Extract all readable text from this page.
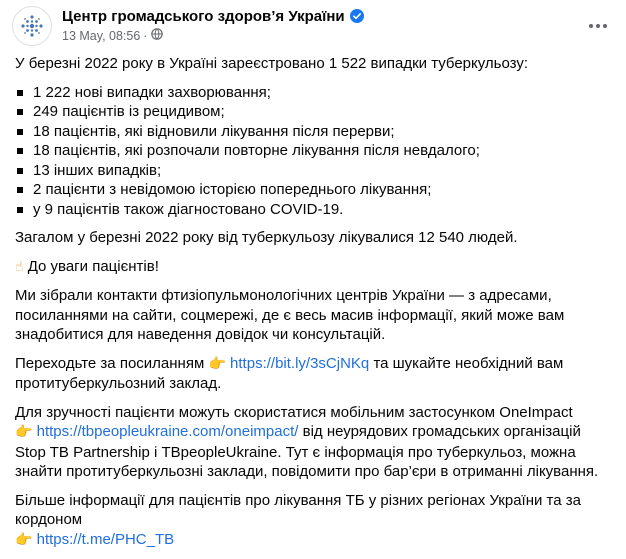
Центр громадського здоров’я України
13 May, 08:56 ·

У березні 2022 року в Україні зареєстровано 1 522 випадки туберкульозу:

1 222 нові випадки захворювання;
249 пацієнтів із рецидивом;
18 пацієнтів, які відновили лікування після перерви;
18 пацієнтів, які розпочали повторне лікування після невдалого;
13 інших випадків;
2 пацієнти з невідомою історією попереднього лікування;
у 9 пацієнтів також діагностовано COVID-19.

Загалом у березні 2022 року від туберкульозу лікувалися 12 540 людей.

☝ До уваги пацієнтів!

Ми зібрали контакти фтизіопульмонологічних центрів України — з адресами, посиланнями на сайти, соцмережі, де є весь масив інформації, який може вам знадобитися для наведення довідок чи консультацій.

Переходьте за посиланням 👉 https://bit.ly/3sCjNKq та шукайте необхідний вам протитуберкульозний заклад.

Для зручності пацієнти можуть скористатися мобільним застосунком OneImpact
👉 https://tbpeopleukraine.com/oneimpact/ від неурядових громадських організацій Stop TB Partnership і TBpeopleUkraine. Тут є інформація про туберкульоз, можна знайти протитуберкульозні заклади, повідомити про бар’єри в отриманні лікування.

Більше інформації для пацієнтів про лікування ТБ у різних регіонах України та за кордоном
👉 https://t.me/PHC_TB
